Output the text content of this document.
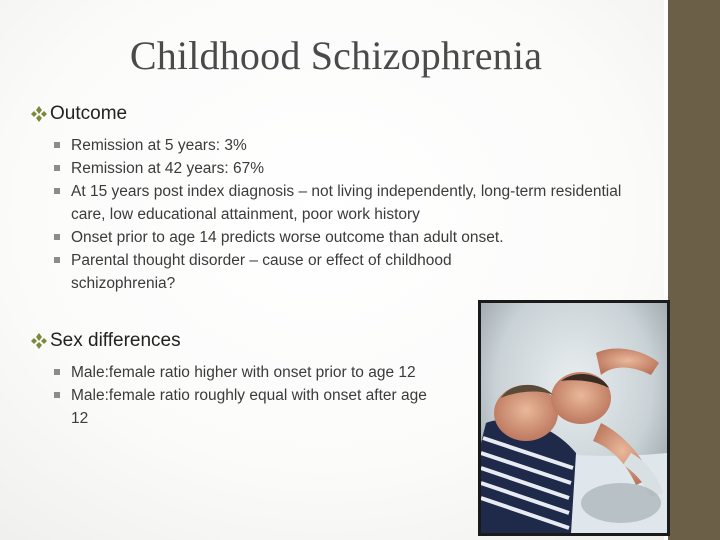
Childhood Schizophrenia
Outcome
Remission at 5 years: 3%
Remission at 42 years: 67%
At 15 years post index diagnosis – not living independently, long-term residential care, low educational attainment, poor work history
Onset prior to age 14 predicts worse outcome than adult onset.
Parental thought disorder – cause or effect of childhood schizophrenia?
Sex differences
Male:female ratio higher with onset prior to age 12
Male:female ratio roughly equal with onset after age 12
